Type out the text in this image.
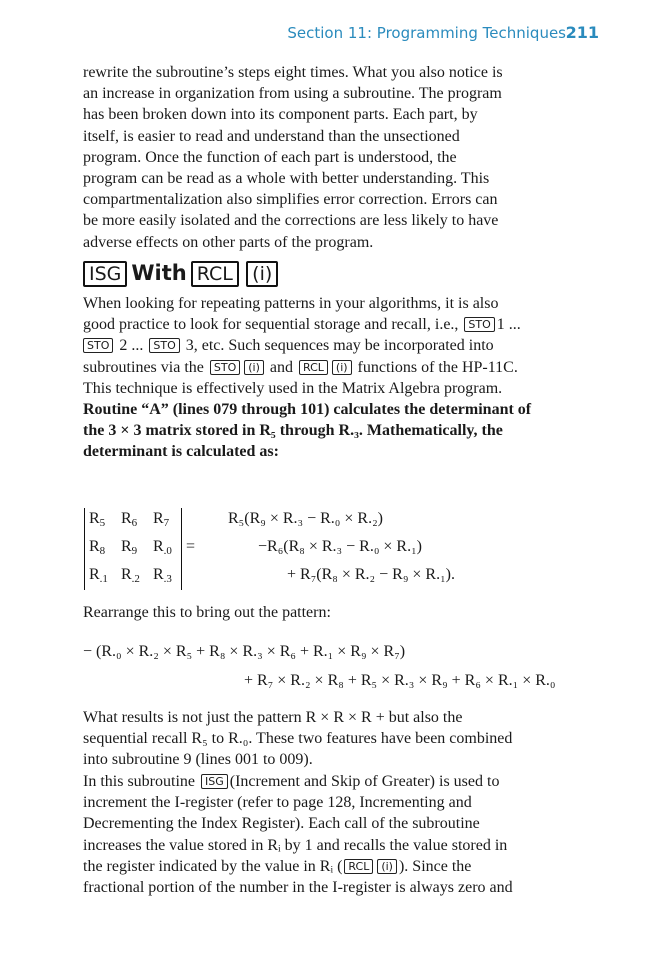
Section 11: Programming Techniques 211
rewrite the subroutine’s steps eight times. What you also notice is
an increase in organization from using a subroutine. The program
has been broken down into its component parts. Each part, by
itself, is easier to read and understand than the unsectioned
program. Once the function of each part is understood, the
program can be read as a whole with better understanding. This
compartmentalization also simplifies error correction. Errors can
be more easily isolated and the corrections are less likely to have
adverse effects on other parts of the program.
ISG With RCL (i)
When looking for repeating patterns in your algorithms, it is also
good practice to look for sequential storage and recall, i.e., STO 1 ...
STO 2 ... STO 3, etc. Such sequences may be incorporated into
subroutines via the STO (i) and RCL (i) functions of the HP-11C.
This technique is effectively used in the Matrix Algebra program.
Routine “A” (lines 079 through 101) calculates the determinant of
the 3 × 3 matrix stored in R₅ through R.₃. Mathematically, the
determinant is calculated as:
$R_5$ $R_6$ $R_7$
$R_8$ $R_9$ $R_{.0}$
$R_{.1}$ $R_{.2}$ $R_{.3}$
=
R₅(R₉ × R.₃ − R.₀ × R.₂)
−R₆(R₈ × R.₃ − R.₀ × R.₁)
+ R₇(R₈ × R.₂ − R₉ × R.₁).
Rearrange this to bring out the pattern:
− (R.₀ × R.₂ × R₅ + R₈ × R.₃ × R₆ + R.₁ × R₉ × R₇)
+ R₇ × R.₂ × R₈ + R₅ × R.₃ × R₉ + R₆ × R.₁ × R.₀
What results is not just the pattern R × R × R + but also the
sequential recall R₅ to R.₀. These two features have been combined
into subroutine 9 (lines 001 to 009).
In this subroutine ISG (Increment and Skip of Greater) is used to
increment the I-register (refer to page 128, Incrementing and
Decrementing the Index Register). Each call of the subroutine
increases the value stored in Rᵢ by 1 and recalls the value stored in
the register indicated by the value in Rᵢ ( RCL (i) ). Since the
fractional portion of the number in the I-register is always zero and
